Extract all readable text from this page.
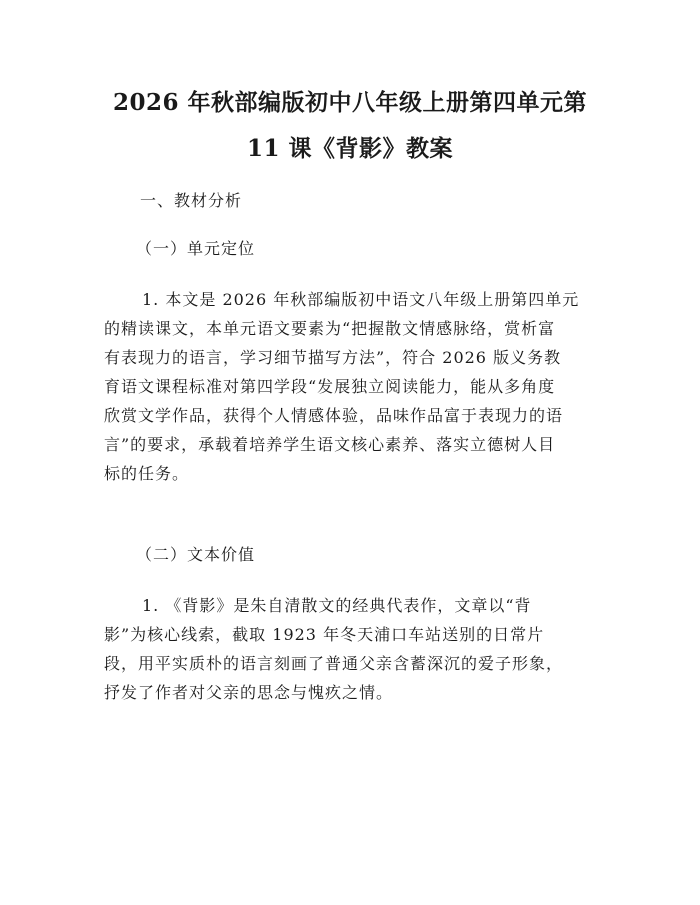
2026 年秋部编版初中八年级上册第四单元第
11 课《背影》教案
一、教材分析
（一）单元定位
1. 本文是 2026 年秋部编版初中语文八年级上册第四单元
的精读课文，本单元语文要素为“把握散文情感脉络，赏析富
有表现力的语言，学习细节描写方法”，符合 2026 版义务教
育语文课程标准对第四学段“发展独立阅读能力，能从多角度
欣赏文学作品，获得个人情感体验，品味作品富于表现力的语
言”的要求，承载着培养学生语文核心素养、落实立德树人目
标的任务。
（二）文本价值
1. 《背影》是朱自清散文的经典代表作，文章以“背
影”为核心线索，截取 1923 年冬天浦口车站送别的日常片
段，用平实质朴的语言刻画了普通父亲含蓄深沉的爱子形象，
抒发了作者对父亲的思念与愧疚之情。
